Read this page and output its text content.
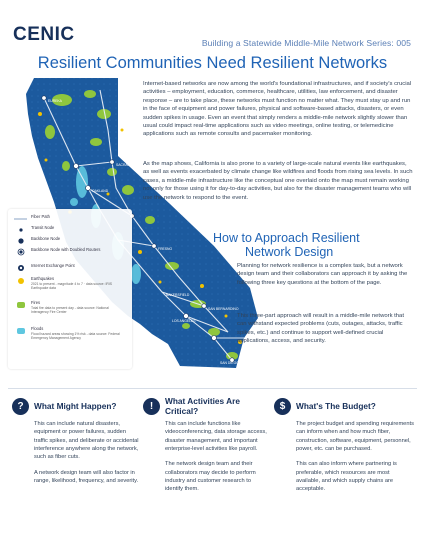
CENIC	Building a Statewide Middle-Mile Network Series: 005
Resilient Communities Need Resilient Networks
EUREKA
SACRAMENTO
OAKLAND
FRESNO
BAKERSFIELD
LOS ANGELES
SAN BERNARDINO
SAN DIEGO
Fiber Path
Transit Node
Backbone Node
Backbone Node with Doubled Routers
Internet Exchange Point
Earthquakes
2021 to present - magnitude 4 to 7 · data source: IRIS Earthquake data
Fires
Total fire data to present day - data source: National Interagency Fire Center
Floods
Flood hazard areas showing 1% risk - data source: Federal Emergency Management Agency

Internet-based networks are now among the world's foundational infrastructures, and if society's crucial activities – employment, education, commerce, healthcare, utilities, law enforcement, and disaster response – are to take place, these networks must function no matter what. They must stay up and run in the face of equipment and power failures, physical and software-based attacks, disasters, or even sudden spikes in usage. Even an event that simply renders a middle-mile network slightly slower than usual could impact real-time applications such as video meetings, online testing, or telemedicine applications such as remote consults and pacemaker monitoring.

As the map shows, California is also prone to a variety of large-scale natural events like earthquakes, as well as events exacerbated by climate change like wildfires and floods from rising sea levels. In such cases, a middle-mile infrastructure like the conceptual one overlaid onto the map must remain working not only for those using it for day-to-day activities, but also for the disaster management teams who will use the network to respond to the event.

How to Approach Resilient
Network Design

Planning for network resilience is a complex task, but a network design team and their collaborators can approach it by asking the following three key questions at the bottom of the page.

This three-part approach will result in a middle-mile network that can withstand expected problems (cuts, outages, attacks, traffic spikes, etc.) and continue to support well-defined crucial applications, access, and security.

?	What Might Happen?

This can include natural disasters, equipment or power failures, sudden traffic spikes, and deliberate or accidental interference anywhere along the network, such as fiber cuts.

A network design team will also factor in range, likelihood, frequency, and severity.

!	What Activities Are Critical?

This can include functions like videoconferencing, data storage access, disaster management, and important enterprise-level activities like payroll.

The network design team and their collaborators may decide to perform industry and customer research to identify them.

$	What's The Budget?

The project budget and spending requirements can inform when and how much fiber, construction, software, equipment, personnel, power, etc. can be purchased.

This can also inform where partnering is preferable, which resources are most available, and which supply chains are acceptable.
